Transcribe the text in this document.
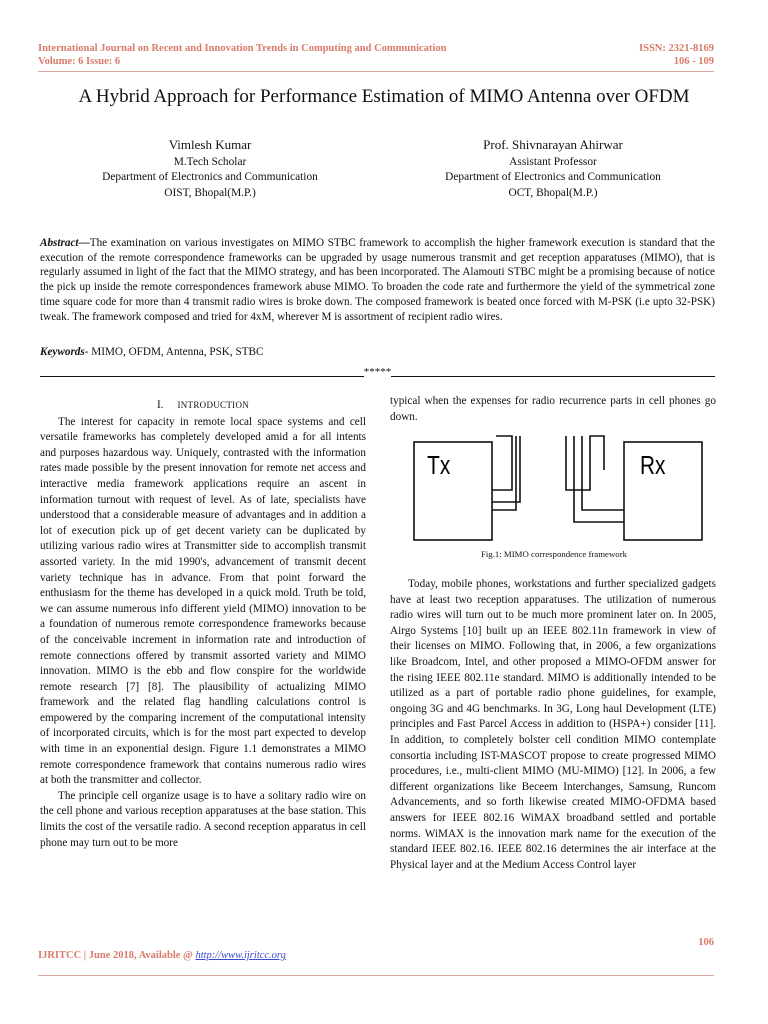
International Journal on Recent and Innovation Trends in Computing and Communication
Volume: 6 Issue: 6
ISSN: 2321-8169
106 - 109
A Hybrid Approach for Performance Estimation of MIMO Antenna over OFDM
Vimlesh Kumar
M.Tech Scholar
Department of Electronics and Communication
OIST, Bhopal(M.P.)
Prof. Shivnarayan Ahirwar
Assistant Professor
Department of Electronics and Communication
OCT, Bhopal(M.P.)
Abstract—The examination on various investigates on MIMO STBC framework to accomplish the higher framework execution is standard that the execution of the remote correspondence frameworks can be upgraded by usage numerous transmit and get reception apparatuses (MIMO), that is regularly assumed in light of the fact that the MIMO strategy, and has been incorporated. The Alamouti STBC might be a promising because of notice the pick up inside the remote correspondences framework abuse MIMO. To broaden the code rate and furthermore the yield of the symmetrical zone time square code for more than 4 transmit radio wires is broke down. The composed framework is beated once forced with M-PSK (i.e upto 32-PSK) tweak. The framework composed and tried for 4xM, wherever M is assortment of recipient radio wires.
Keywords- MIMO, OFDM, Antenna, PSK, STBC
*****
I. INTRODUCTION

The interest for capacity in remote local space systems and cell versatile frameworks has completely developed amid a for all intents and purposes hazardous way. Uniquely, contrasted with the information rates made possible by the present innovation for remote net access and interactive media framework applications require an ascent in information turnout with request of level. As of late, specialists have understood that a considerable measure of advantages and in addition a lot of execution pick up of get decent variety can be duplicated by utilizing various radio wires at Transmitter side to accomplish transmit assorted variety. In the mid 1990's, advancement of transmit decent variety technique has in advance. From that point forward the enthusiasm for the theme has developed in a quick mold. Truth be told, we can assume numerous info different yield (MIMO) innovation to be a foundation of numerous remote correspondence frameworks because of the conceivable increment in information rate and introduction of remote connections offered by transmit assorted variety and MIMO innovation. MIMO is the ebb and flow conspire for the worldwide remote research [7] [8]. The plausibility of actualizing MIMO framework and the related flag handling calculations control is empowered by the comparing increment of the computational intensity of incorporated circuits, which is for the most part expected to develop with time in an exponential design. Figure 1.1 demonstrates a MIMO remote correspondence framework that contains numerous radio wires at both the transmitter and collector.

The principle cell organize usage is to have a solitary radio wire on the cell phone and various reception apparatuses at the base station. This limits the cost of the versatile radio. A second reception apparatus in cell phone may turn out to be more

typical when the expenses for radio recurrence parts in cell phones go down.

Tx	Rx
Fig.1: MIMO correspondence framework

Today, mobile phones, workstations and further specialized gadgets have at least two reception apparatuses. The utilization of numerous radio wires will turn out to be much more prominent later on. In 2005, Airgo Systems [10] built up an IEEE 802.11n framework in view of their licenses on MIMO. Following that, in 2006, a few organizations like Broadcom, Intel, and other proposed a MIMO-OFDM answer for the rising IEEE 802.11e standard. MIMO is additionally intended to be utilized as a part of portable radio phone guidelines, for example, ongoing 3G and 4G benchmarks. In 3G, Long haul Development (LTE) principles and Fast Parcel Access in addition to (HSPA+) consider [11]. In addition, to completely bolster cell condition MIMO contemplate consortia including IST-MASCOT propose to create progressed MIMO procedures, i.e., multi-client MIMO (MU-MIMO) [12]. In 2006, a few different organizations like Beceem Interchanges, Samsung, Runcom Advancements, and so forth likewise created MIMO-OFDMA based answers for IEEE 802.16 WiMAX broadband settled and portable norms. WiMAX is the innovation mark name for the execution of the standard IEEE 802.16. IEEE 802.16 determines the air interface at the Physical layer and at the Medium Access Control layer

106
IJRITCC | June 2018, Available @ http://www.ijritcc.org
